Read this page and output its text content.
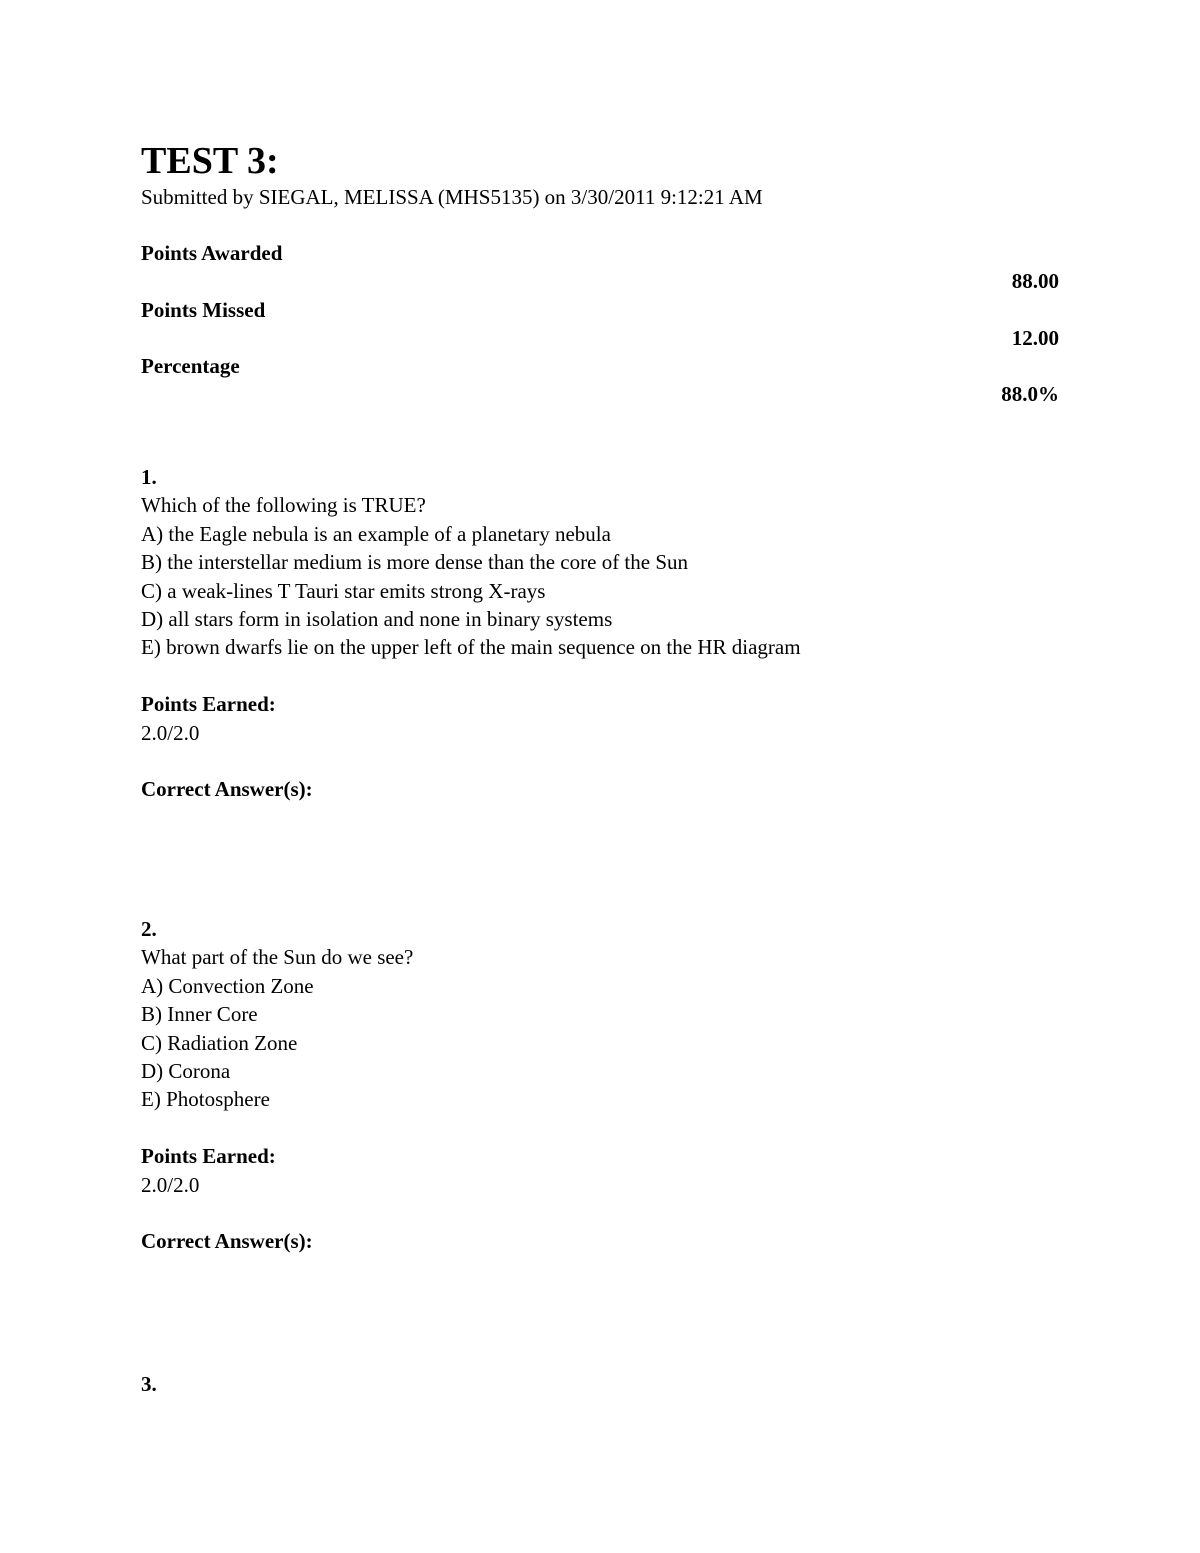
TEST 3:
Submitted by SIEGAL, MELISSA (MHS5135) on 3/30/2011 9:12:21 AM
Points Awarded
88.00
Points Missed
12.00
Percentage
88.0%
1.
Which of the following is TRUE?
A) the Eagle nebula is an example of a planetary nebula
B) the interstellar medium is more dense than the core of the Sun
C) a weak-lines T Tauri star emits strong X-rays
D) all stars form in isolation and none in binary systems
E) brown dwarfs lie on the upper left of the main sequence on the HR diagram
Points Earned:
2.0/2.0
Correct Answer(s):
2.
What part of the Sun do we see?
A) Convection Zone
B) Inner Core
C) Radiation Zone
D) Corona
E) Photosphere
Points Earned:
2.0/2.0
Correct Answer(s):
3.
